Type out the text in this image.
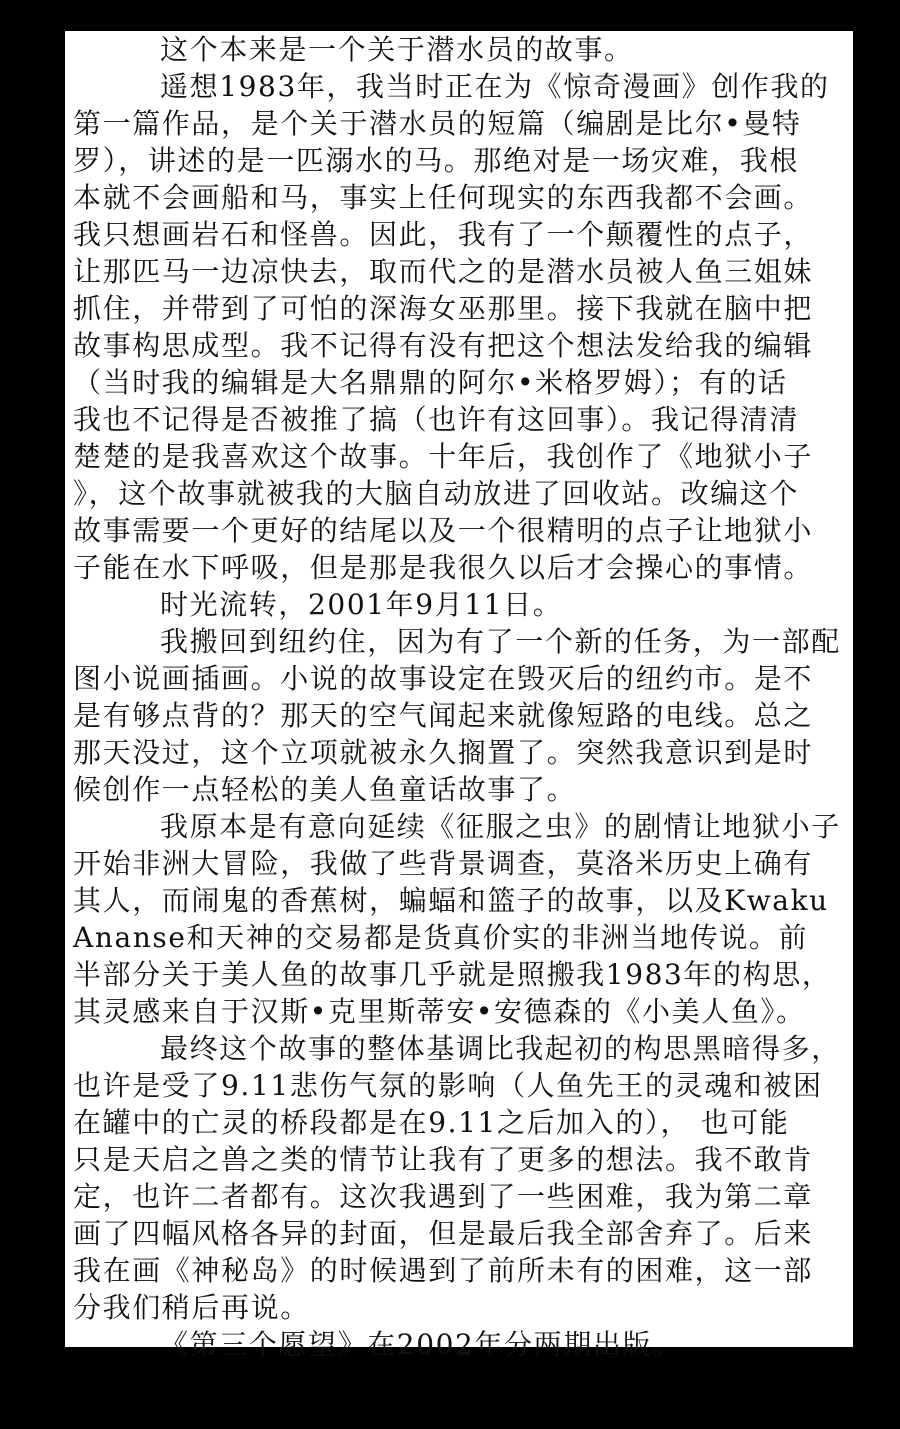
这个本来是一个关于潜水员的故事。
遥想1983年，我当时正在为《惊奇漫画》创作我的
第一篇作品，是个关于潜水员的短篇（编剧是比尔•曼特
罗），讲述的是一匹溺水的马。那绝对是一场灾难，我根
本就不会画船和马，事实上任何现实的东西我都不会画。
我只想画岩石和怪兽。因此，我有了一个颠覆性的点子，
让那匹马一边凉快去，取而代之的是潜水员被人鱼三姐妹
抓住，并带到了可怕的深海女巫那里。接下我就在脑中把
故事构思成型。我不记得有没有把这个想法发给我的编辑
（当时我的编辑是大名鼎鼎的阿尔•米格罗姆）；有的话
我也不记得是否被推了搞（也许有这回事）。我记得清清
楚楚的是我喜欢这个故事。十年后，我创作了《地狱小子
》，这个故事就被我的大脑自动放进了回收站。改编这个
故事需要一个更好的结尾以及一个很精明的点子让地狱小
子能在水下呼吸，但是那是我很久以后才会操心的事情。
时光流转，2001年9月11日。
我搬回到纽约住，因为有了一个新的任务，为一部配
图小说画插画。小说的故事设定在毁灭后的纽约市。是不
是有够点背的？那天的空气闻起来就像短路的电线。总之
那天没过，这个立项就被永久搁置了。突然我意识到是时
候创作一点轻松的美人鱼童话故事了。
我原本是有意向延续《征服之虫》的剧情让地狱小子
开始非洲大冒险，我做了些背景调查，莫洛米历史上确有
其人，而闹鬼的香蕉树，蝙蝠和篮子的故事，以及Kwaku
Ananse和天神的交易都是货真价实的非洲当地传说。前
半部分关于美人鱼的故事几乎就是照搬我1983年的构思，
其灵感来自于汉斯•克里斯蒂安•安德森的《小美人鱼》。
最终这个故事的整体基调比我起初的构思黑暗得多，
也许是受了9.11悲伤气氛的影响（人鱼先王的灵魂和被困
在罐中的亡灵的桥段都是在9.11之后加入的）， 也可能
只是天启之兽之类的情节让我有了更多的想法。我不敢肯
定，也许二者都有。这次我遇到了一些困难，我为第二章
画了四幅风格各异的封面，但是最后我全部舍弃了。后来
我在画《神秘岛》的时候遇到了前所未有的困难，这一部
分我们稍后再说。
《第三个愿望》在2002年分两期出版。
